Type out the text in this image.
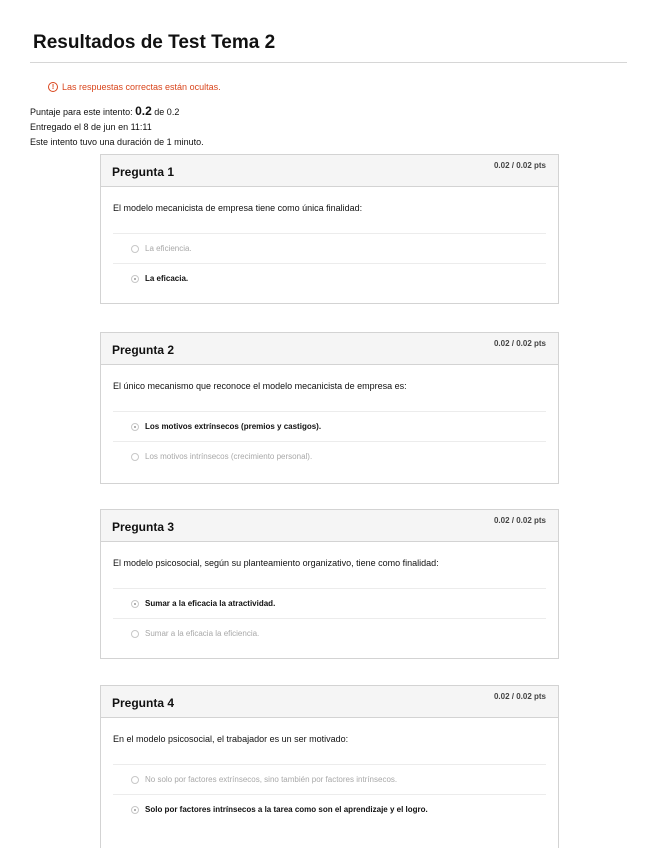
Resultados de Test Tema 2
! Las respuestas correctas están ocultas.
Puntaje para este intento: 0.2 de 0.2
Entregado el 8 de jun en 11:11
Este intento tuvo una duración de 1 minuto.
Pregunta 1	0.02 / 0.02 pts
El modelo mecanicista de empresa tiene como única finalidad:
La eficiencia.
La eficacia.
Pregunta 2	0.02 / 0.02 pts
El único mecanismo que reconoce el modelo mecanicista de empresa es:
Los motivos extrínsecos (premios y castigos).
Los motivos intrínsecos (crecimiento personal).
Pregunta 3	0.02 / 0.02 pts
El modelo psicosocial, según su planteamiento organizativo, tiene como finalidad:
Sumar a la eficacia la atractividad.
Sumar a la eficacia la eficiencia.
Pregunta 4	0.02 / 0.02 pts
En el modelo psicosocial, el trabajador es un ser motivado:
No solo por factores extrínsecos, sino también por factores intrínsecos.
Solo por factores intrínsecos a la tarea como son el aprendizaje y el logro.
